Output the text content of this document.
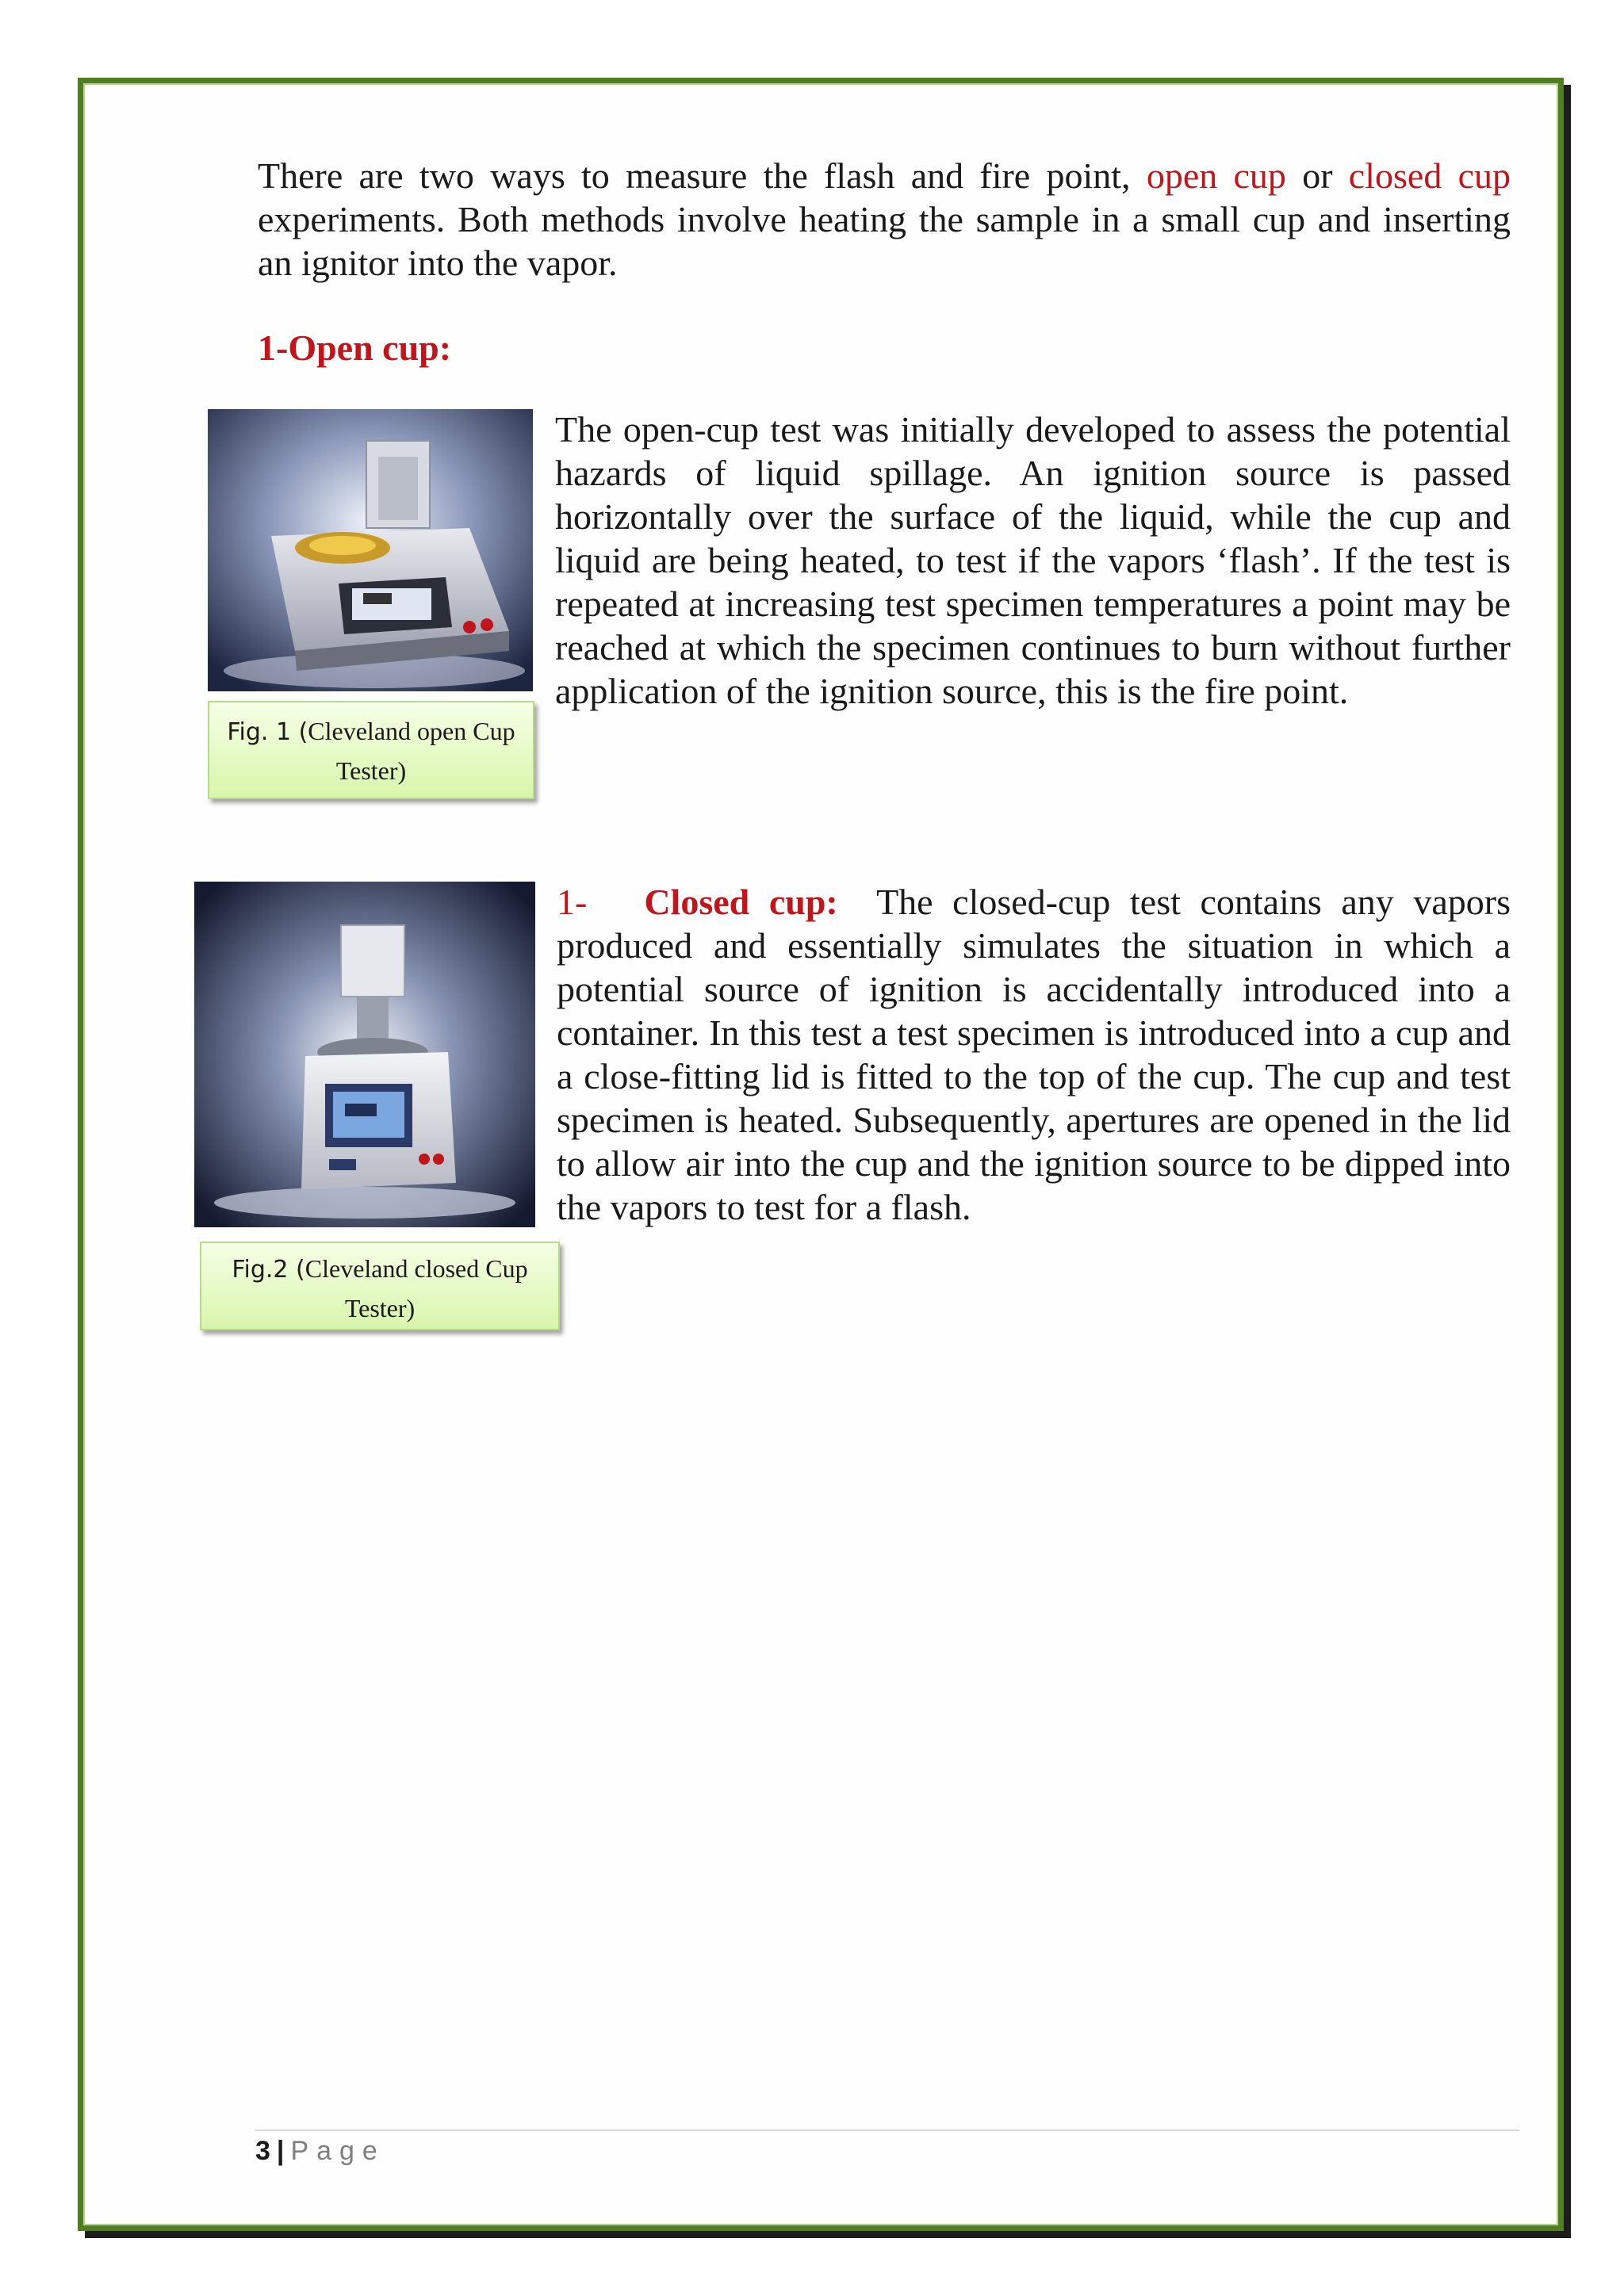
There are two ways to measure the flash and fire point, open cup or closed cup experiments. Both methods involve heating the sample in a small cup and inserting an ignitor into the vapor.

1-Open cup:
Fig. 1 (Cleveland open Cup Tester)

The open-cup test was initially developed to assess the potential hazards of liquid spillage. An ignition source is passed horizontally over the surface of the liquid, while the cup and liquid are being heated, to test if the vapors ‘flash’. If the test is repeated at increasing test specimen temperatures a point may be reached at which the specimen continues to burn without further application of the ignition source, this is the fire point.

1- Closed cup: The closed-cup test contains any vapors produced and essentially simulates the situation in which a potential source of ignition is accidentally introduced into a container. In this test a test specimen is introduced into a cup and a close-fitting lid is fitted to the top of the cup. The cup and test specimen is heated. Subsequently, apertures are opened in the lid to allow air into the cup and the ignition source to be dipped into the vapors to test for a flash.

Fig.2 (Cleveland closed Cup Tester)
3 | Page
